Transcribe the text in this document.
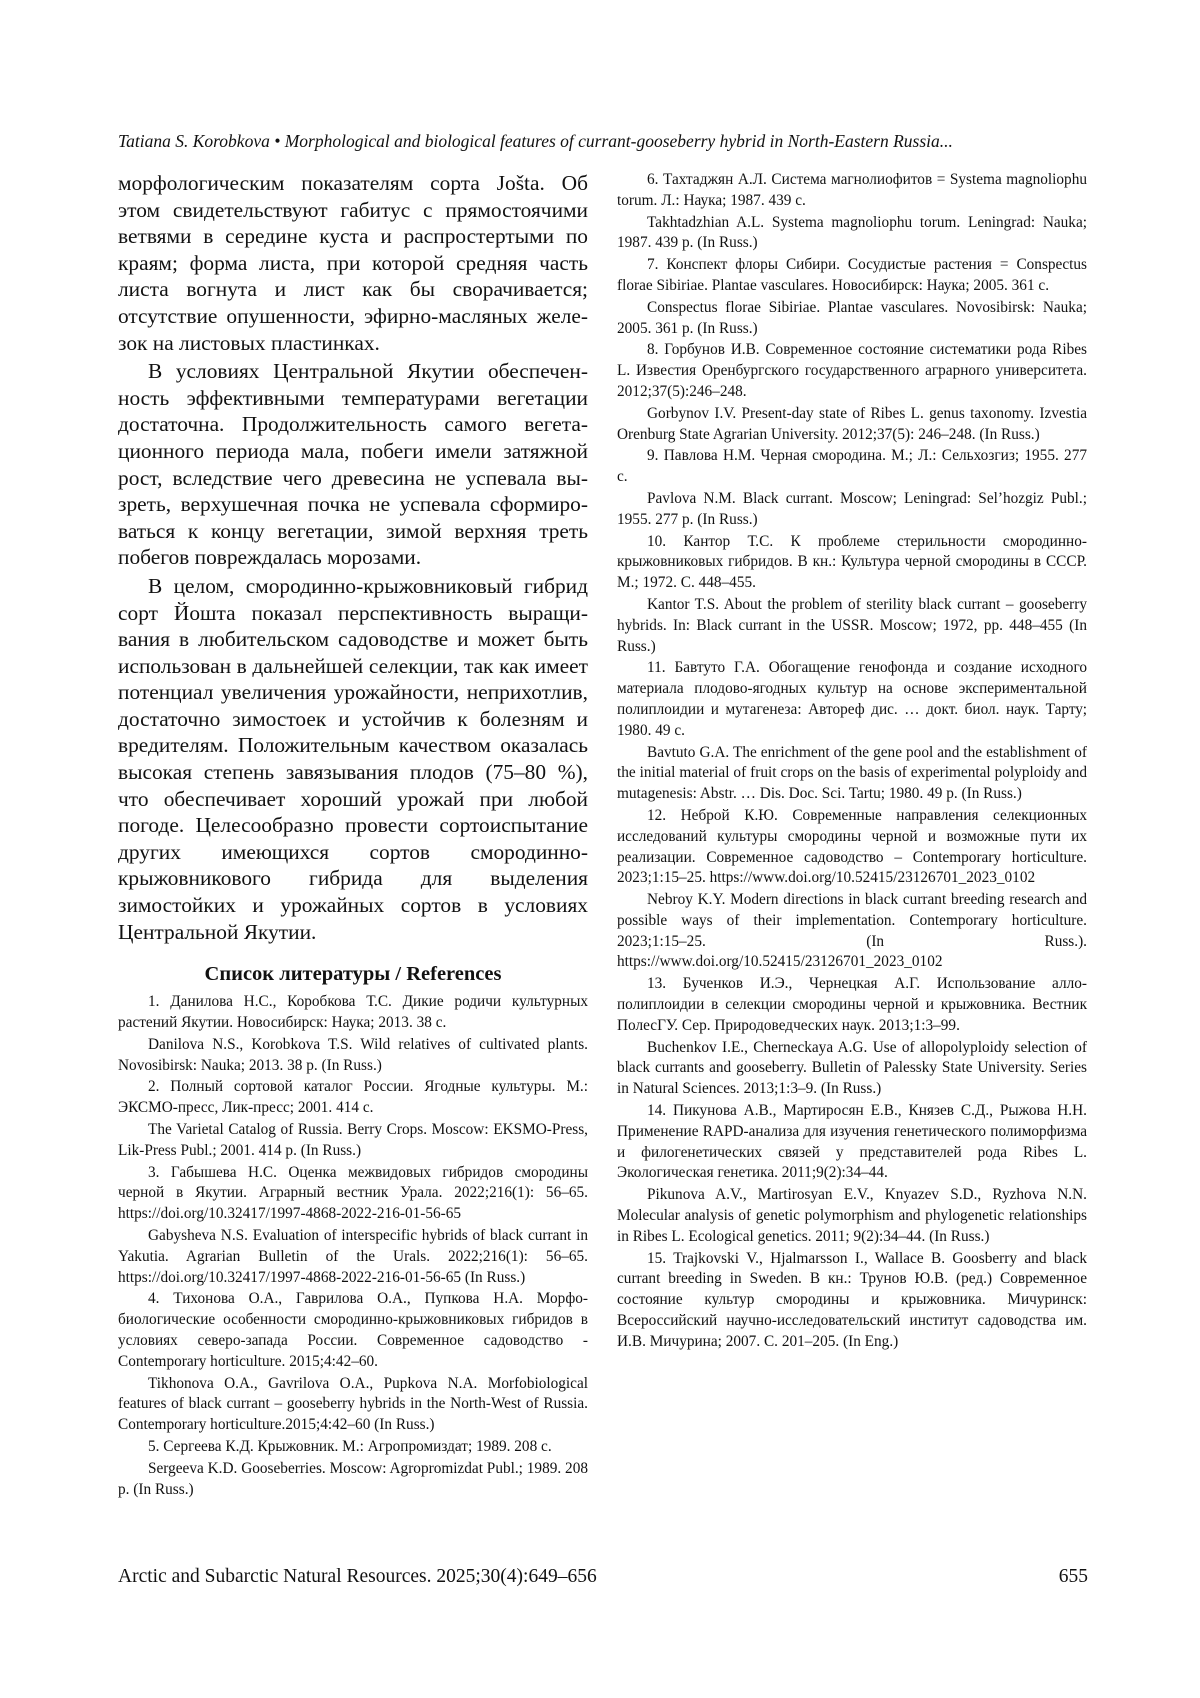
Tatiana S. Korobkova • Morphological and biological features of currant-gooseberry hybrid in North-Eastern Russia...

морфологическим показателям сорта Jošta. Об этом свидетельствуют габитус с прямостоячими ветвями в середине куста и распростертыми по краям; форма листа, при которой средняя часть листа вогнута и лист как бы сворачивается; отсутствие опушенности, эфирно-масляных железок на листовых пластинках.

В условиях Центральной Якутии обеспеченность эффективными температурами вегетации достаточна. Продолжительность самого вегетационного периода мала, побеги имели затяжной рост, вследствие чего древесина не успевала вызреть, верхушечная почка не успевала сформироваться к концу вегетации, зимой верхняя треть побегов повреждалась морозами.

В целом, смородинно-крыжовниковый гибрид сорт Йошта показал перспективность выращивания в любительском садоводстве и может быть использован в дальнейшей селекции, так как имеет потенциал увеличения урожайности, неприхотлив, достаточно зимостоек и устойчив к болезням и вредителям. Положительным качеством оказалась высокая степень завязывания плодов (75–80 %), что обеспечивает хороший урожай при любой погоде. Целесообразно провести сортоиспытание других имеющихся сортов смородинно-крыжовникового гибрида для выделения зимостойких и урожайных сортов в условиях Центральной Якутии.

Список литературы / References

1. Данилова Н.С., Коробкова Т.С. Дикие родичи культурных растений Якутии. Новосибирск: Наука; 2013. 38 с.

Danilova N.S., Korobkova T.S. Wild relatives of cultivated plants. Novosibirsk: Nauka; 2013. 38 p. (In Russ.)

2. Полный сортовой каталог России. Ягодные культуры. М.: ЭКСМО-пресс, Лик-пресс; 2001. 414 с.

The Varietal Catalog of Russia. Berry Crops. Moscow: EKSMO-Press, Lik-Press Publ.; 2001. 414 p. (In Russ.)

3. Габышева Н.С. Оценка межвидовых гибридов смородины черной в Якутии. Аграрный вестник Урала. 2022;216(1): 56–65. https://doi.org/10.32417/1997-4868-2022-216-01-56-65

Gabysheva N.S. Evaluation of interspecific hybrids of black currant in Yakutia. Agrarian Bulletin of the Urals. 2022;216(1): 56–65. https://doi.org/10.32417/1997-4868-2022-216-01-56-65 (In Russ.)

4. Тихонова О.А., Гаврилова О.А., Пупкова Н.А. Морфобиологические особенности смородинно-крыжовниковых гибридов в условиях северо-запада России. Современное садоводство - Contemporary horticulture. 2015;4:42–60.

Tikhonova O.A., Gavrilova O.A., Pupkova N.A. Morfobiological features of black currant – gooseberry hybrids in the North-West of Russia. Contemporary horticulture.2015;4:42–60 (In Russ.)

5. Сергеева К.Д. Крыжовник. М.: Агропромиздат; 1989. 208 с.

Sergeeva K.D. Gooseberries. Moscow: Agropromizdat Publ.; 1989. 208 p. (In Russ.)

6. Тахтаджян А.Л. Система магнолиофитов = Systema magnoliophu torum. Л.: Наука; 1987. 439 с.

Takhtadzhian A.L. Systema magnoliophu torum. Leningrad: Nauka; 1987. 439 p. (In Russ.)

7. Конспект флоры Сибири. Сосудистые растения = Conspectus florae Sibiriae. Plantae vasculares. Новосибирск: Наука; 2005. 361 с.

Conspectus florae Sibiriae. Plantae vasculares. Novosibirsk: Nauka; 2005. 361 p. (In Russ.)

8. Горбунов И.В. Современное состояние систематики рода Ribes L. Известия Оренбургского государственного аграрного университета. 2012;37(5):246–248.

Gorbynov I.V. Present-day state of Ribes L. genus taxonomy. Izvestia Orenburg State Agrarian University. 2012;37(5): 246–248. (In Russ.)

9. Павлова Н.М. Черная смородина. М.; Л.: Сельхозгиз; 1955. 277 с.

Pavlova N.M. Black currant. Moscow; Leningrad: Sel’hozgiz Publ.; 1955. 277 p. (In Russ.)

10. Кантор Т.С. К проблеме стерильности смородинно-крыжовниковых гибридов. В кн.: Культура черной смородины в СССР. М.; 1972. С. 448–455.

Kantor T.S. About the problem of sterility black currant – gooseberry hybrids. In: Black currant in the USSR. Moscow; 1972, pp. 448–455 (In Russ.)

11. Бавтуто Г.А. Обогащение генофонда и создание исходного материала плодово-ягодных культур на основе экспериментальной полиплоидии и мутагенеза: Автореф дис. … докт. биол. наук. Тарту; 1980. 49 с.

Bavtuto G.A. The enrichment of the gene pool and the establishment of the initial material of fruit crops on the basis of experimental polyploidy and mutagenesis: Abstr. … Dis. Doc. Sci. Tartu; 1980. 49 p. (In Russ.)

12. Неброй К.Ю. Современные направления селекционных исследований культуры смородины черной и возможные пути их реализации. Современное садоводство – Contemporary horticulture. 2023;1:15–25. https://www.doi.org/10.52415/23126701_2023_0102

Nebroy K.Y. Modern directions in black currant breeding research and possible ways of their implementation. Contemporary horticulture. 2023;1:15–25. (In Russ.). https://www.doi.org/10.52415/23126701_2023_0102

13. Бученков И.Э., Чернецкая А.Г. Использование аллополиплоидии в селекции смородины черной и крыжовника. Вестник ПолесГУ. Сер. Природоведческих наук. 2013;1:3–99.

Buchenkov I.E., Cherneckaya A.G. Use of allopolyploidy selection of black currants and gooseberry. Bulletin of Palessky State University. Series in Natural Sciences. 2013;1:3–9. (In Russ.)

14. Пикунова А.В., Мартиросян Е.В., Князев С.Д., Рыжова Н.Н. Применение RAPD-анализа для изучения генетического полиморфизма и филогенетических связей у представителей рода Ribes L. Экологическая генетика. 2011;9(2):34–44.

Pikunova A.V., Martirosyan E.V., Knyazev S.D., Ryzhova N.N. Molecular analysis of genetic polymorphism and phylogenetic relationships in Ribes L. Ecological genetics. 2011; 9(2):34–44. (In Russ.)

15. Trajkovski V., Hjalmarsson I., Wallace B. Goosberry and black currant breeding in Sweden. В кн.: Трунов Ю.В. (ред.) Современное состояние культур смородины и крыжовника. Мичуринск: Всероссийский научно-исследовательский институт садоводства им. И.В. Мичурина; 2007. С. 201–205. (In Eng.)

Arctic and Subarctic Natural Resources. 2025;30(4):649–656	655
